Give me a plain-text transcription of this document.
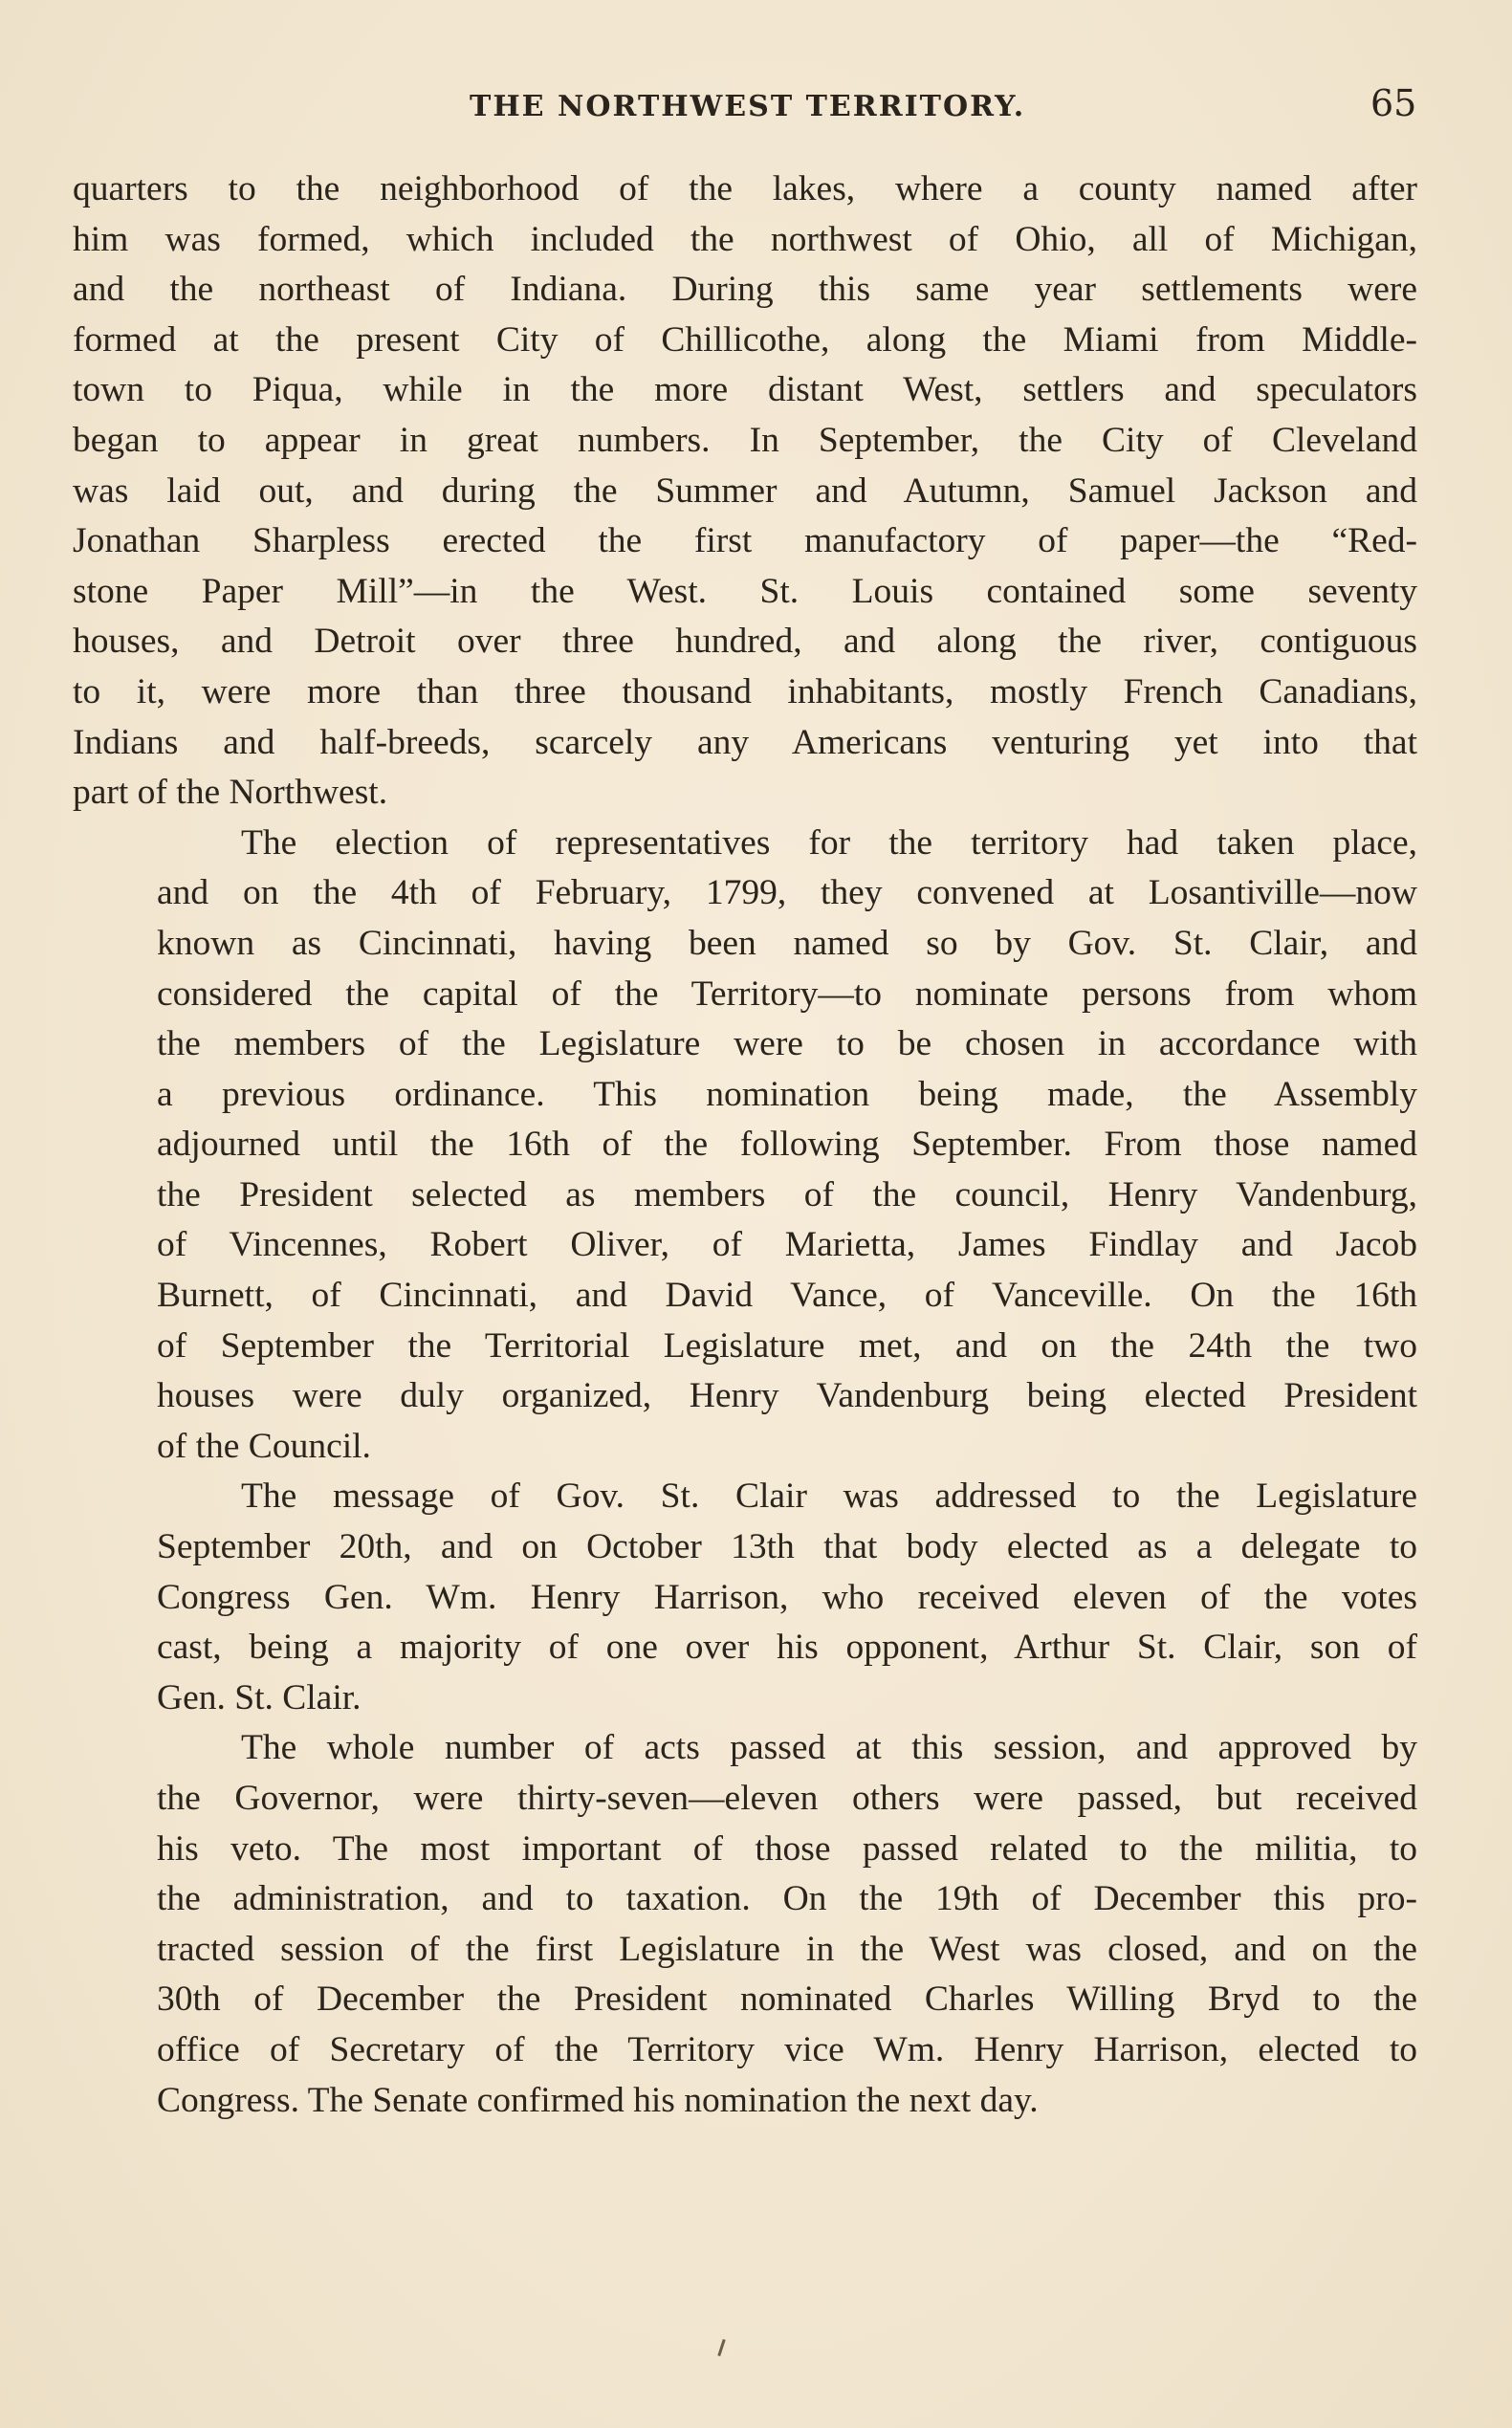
THE NORTHWEST TERRITORY.	65

quarters to the neighborhood of the lakes, where a county named after
him was formed, which included the northwest of Ohio, all of Michigan,
and the northeast of Indiana. During this same year settlements were
formed at the present City of Chillicothe, along the Miami from Middle-
town to Piqua, while in the more distant West, settlers and speculators
began to appear in great numbers. In September, the City of Cleveland
was laid out, and during the Summer and Autumn, Samuel Jackson and
Jonathan Sharpless erected the first manufactory of paper—the “Red-
stone Paper Mill”—in the West. St. Louis contained some seventy
houses, and Detroit over three hundred, and along the river, contiguous
to it, were more than three thousand inhabitants, mostly French Canadians,
Indians and half-breeds, scarcely any Americans venturing yet into that
part of the Northwest.

The election of representatives for the territory had taken place,
and on the 4th of February, 1799, they convened at Losantiville—now
known as Cincinnati, having been named so by Gov. St. Clair, and
considered the capital of the Territory—to nominate persons from whom
the members of the Legislature were to be chosen in accordance with
a previous ordinance. This nomination being made, the Assembly
adjourned until the 16th of the following September. From those named
the President selected as members of the council, Henry Vandenburg,
of Vincennes, Robert Oliver, of Marietta, James Findlay and Jacob
Burnett, of Cincinnati, and David Vance, of Vanceville. On the 16th
of September the Territorial Legislature met, and on the 24th the two
houses were duly organized, Henry Vandenburg being elected President
of the Council.

The message of Gov. St. Clair was addressed to the Legislature
September 20th, and on October 13th that body elected as a delegate to
Congress Gen. Wm. Henry Harrison, who received eleven of the votes
cast, being a majority of one over his opponent, Arthur St. Clair, son of
Gen. St. Clair.

The whole number of acts passed at this session, and approved by
the Governor, were thirty-seven—eleven others were passed, but received
his veto. The most important of those passed related to the militia, to
the administration, and to taxation. On the 19th of December this pro-
tracted session of the first Legislature in the West was closed, and on the
30th of December the President nominated Charles Willing Bryd to the
office of Secretary of the Territory vice Wm. Henry Harrison, elected to
Congress. The Senate confirmed his nomination the next day.
